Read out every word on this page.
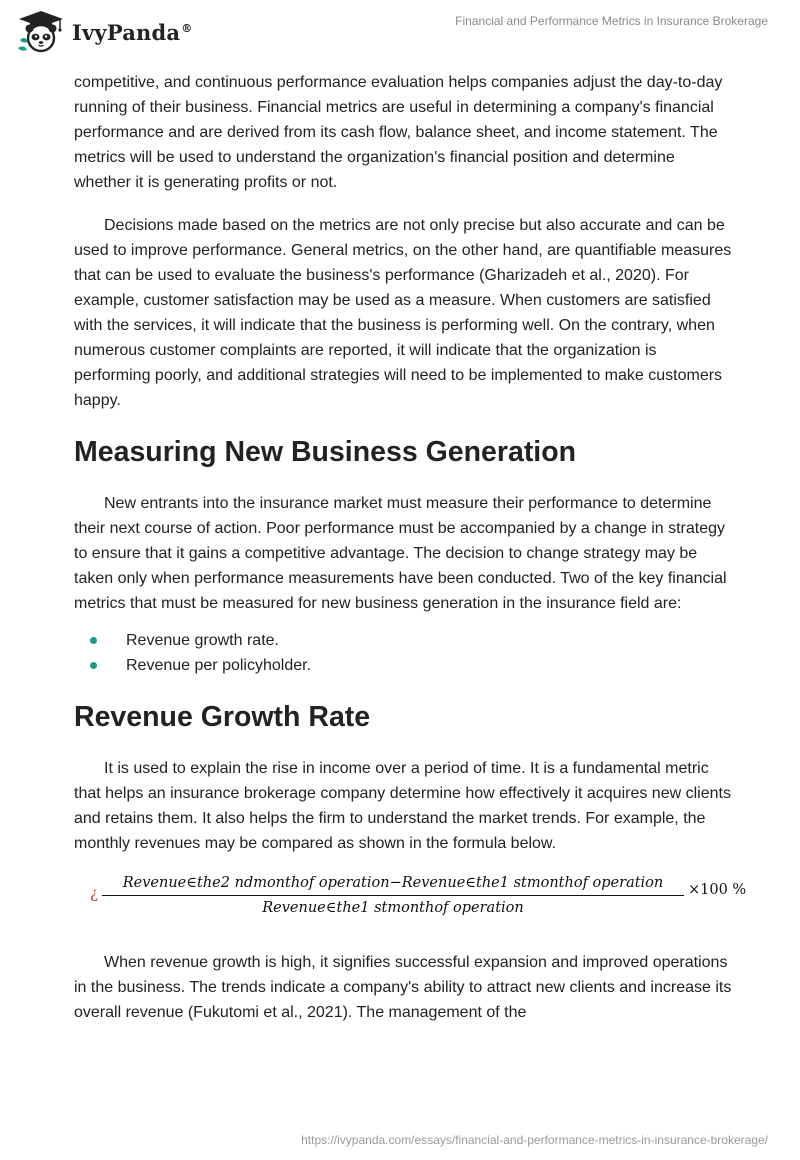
IvyPanda®	Financial and Performance Metrics in Insurance Brokerage

competitive, and continuous performance evaluation helps companies adjust the day-to-day running of their business. Financial metrics are useful in determining a company's financial performance and are derived from its cash flow, balance sheet, and income statement. The metrics will be used to understand the organization's financial position and determine whether it is generating profits or not.

Decisions made based on the metrics are not only precise but also accurate and can be used to improve performance. General metrics, on the other hand, are quantifiable measures that can be used to evaluate the business's performance (Gharizadeh et al., 2020). For example, customer satisfaction may be used as a measure. When customers are satisfied with the services, it will indicate that the business is performing well. On the contrary, when numerous customer complaints are reported, it will indicate that the organization is performing poorly, and additional strategies will need to be implemented to make customers happy.

Measuring New Business Generation

New entrants into the insurance market must measure their performance to determine their next course of action. Poor performance must be accompanied by a change in strategy to ensure that it gains a competitive advantage. The decision to change strategy may be taken only when performance measurements have been conducted. Two of the key financial metrics that must be measured for new business generation in the insurance field are:

Revenue growth rate.
Revenue per policyholder.
Revenue Growth Rate

It is used to explain the rise in income over a period of time. It is a fundamental metric that helps an insurance brokerage company determine how effectively it acquires new clients and retains them. It also helps the firm to understand the market trends. For example, the monthly revenues may be compared as shown in the formula below.

¿
Revenue∈the2 ndmonthof operation−Revenue∈the1 stmonthof operation
Revenue∈the1 stmonthof operation
×100 %

When revenue growth is high, it signifies successful expansion and improved operations in the business. The trends indicate a company's ability to attract new clients and increase its overall revenue (Fukutomi et al., 2021). The management of the

https://ivypanda.com/essays/financial-and-performance-metrics-in-insurance-brokerage/
